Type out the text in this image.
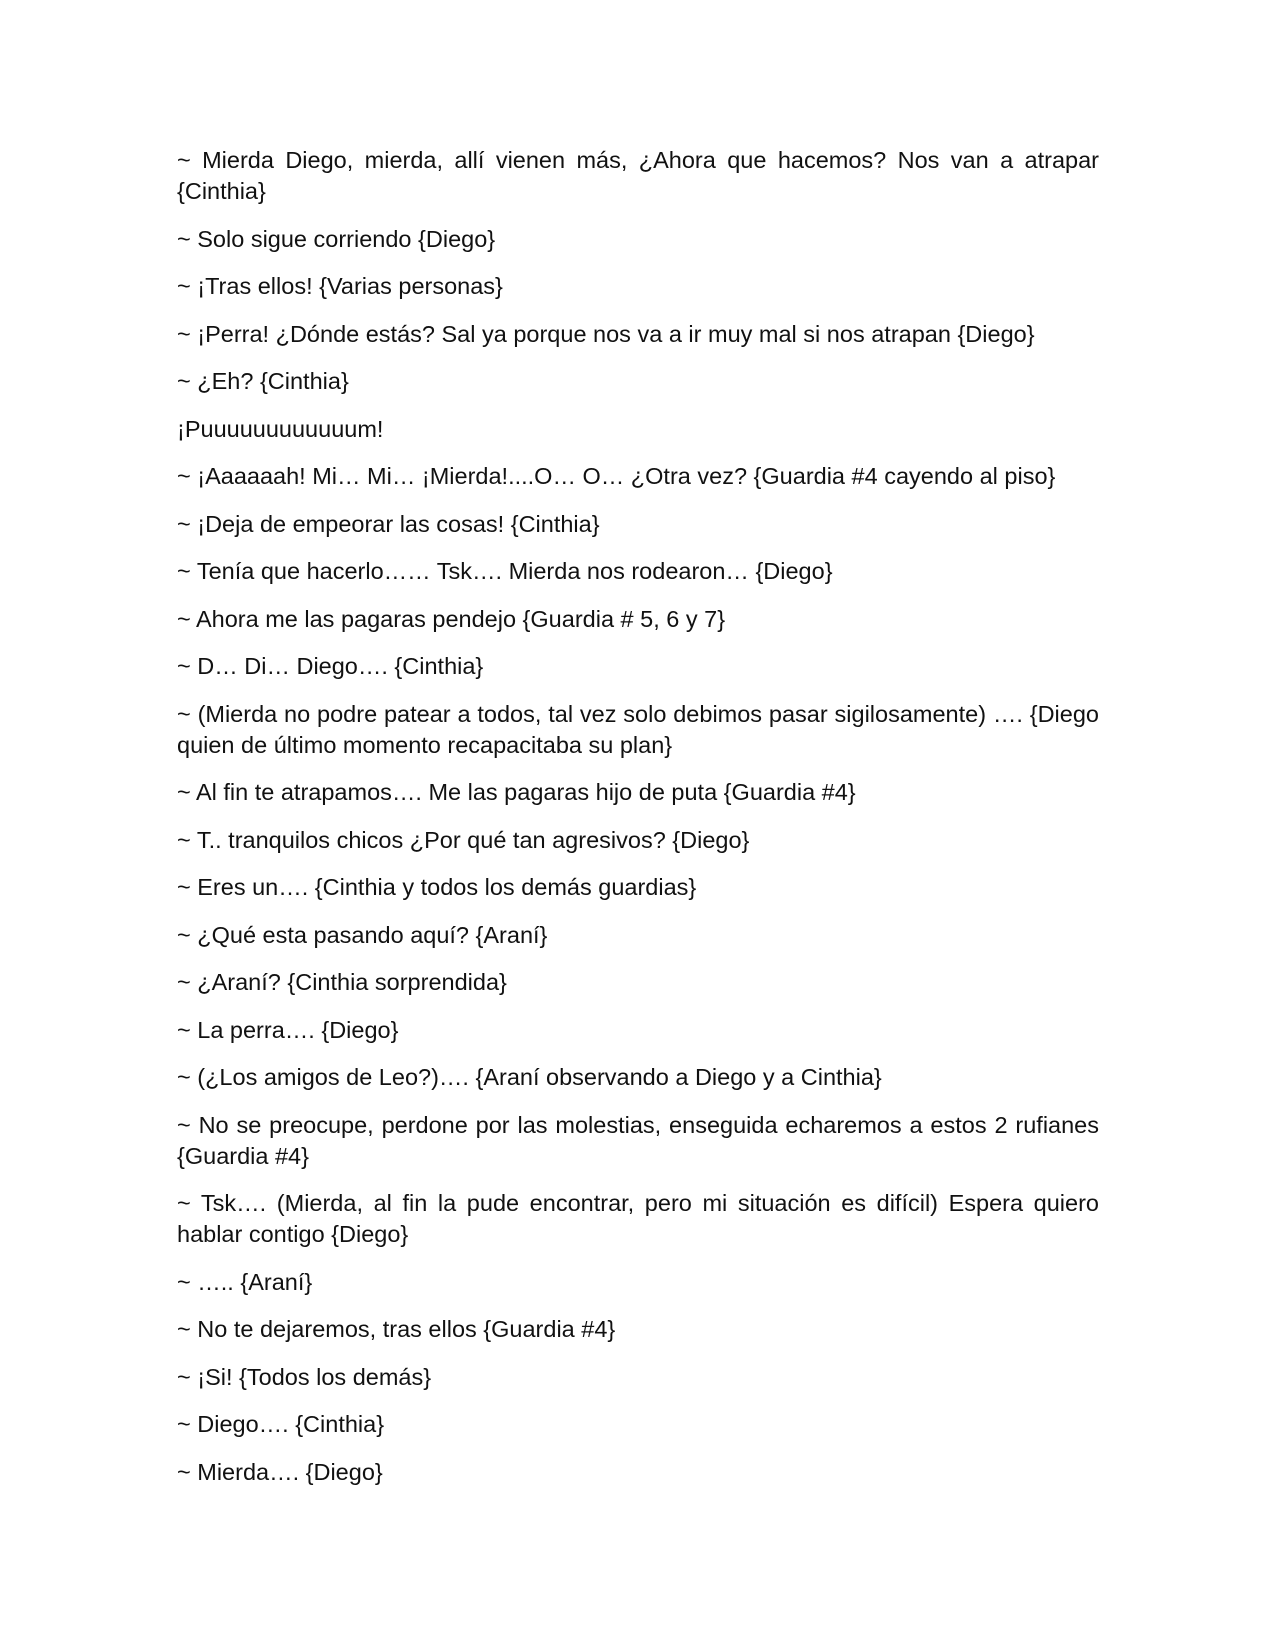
~ Mierda Diego, mierda, allí vienen más, ¿Ahora que hacemos? Nos van a atrapar {Cinthia}

~ Solo sigue corriendo {Diego}

~ ¡Tras ellos! {Varias personas}

~ ¡Perra! ¿Dónde estás? Sal ya porque nos va a ir muy mal si nos atrapan {Diego}

~ ¿Eh? {Cinthia}

¡Puuuuuuuuuuuum!

~ ¡Aaaaaah! Mi… Mi… ¡Mierda!....O… O… ¿Otra vez? {Guardia #4 cayendo al piso}

~ ¡Deja de empeorar las cosas! {Cinthia}

~ Tenía que hacerlo…… Tsk…. Mierda nos rodearon… {Diego}

~ Ahora me las pagaras pendejo {Guardia # 5, 6 y 7}

~ D… Di… Diego…. {Cinthia}

~ (Mierda no podre patear a todos, tal vez solo debimos pasar sigilosamente) …. {Diego quien de último momento recapacitaba su plan}

~ Al fin te atrapamos…. Me las pagaras hijo de puta {Guardia #4}

~ T.. tranquilos chicos ¿Por qué tan agresivos? {Diego}

~ Eres un…. {Cinthia y todos los demás guardias}

~ ¿Qué esta pasando aquí? {Araní}

~ ¿Araní? {Cinthia sorprendida}

~ La perra…. {Diego}

~ (¿Los amigos de Leo?)…. {Araní observando a Diego y a Cinthia}

~ No se preocupe, perdone por las molestias, enseguida echaremos a estos 2 rufianes {Guardia #4}

~ Tsk…. (Mierda, al fin la pude encontrar, pero mi situación es difícil) Espera quiero hablar contigo {Diego}

~ ….. {Araní}

~ No te dejaremos, tras ellos {Guardia #4}

~ ¡Si! {Todos los demás}

~ Diego…. {Cinthia}

~ Mierda…. {Diego}
